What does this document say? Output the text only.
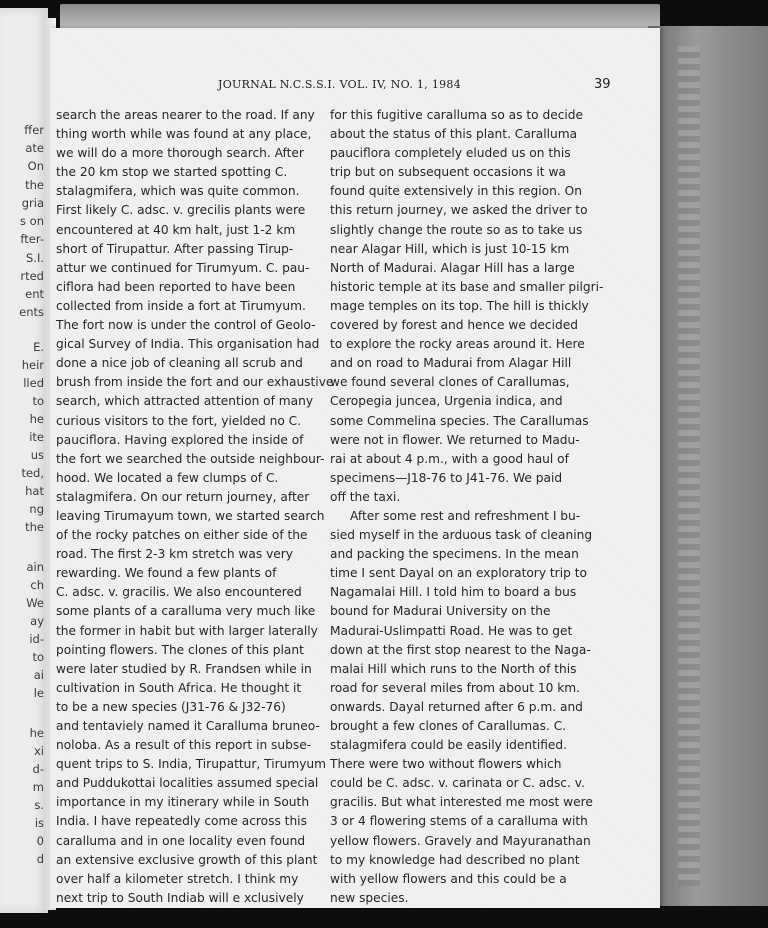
ffer
ate
On
the
gria
s on
fter-
S.I.
rted
ent
ents
E.
heir
lled
to
he
ite
us
ted,
hat
ng
the
ain
ch
We
ay
id-
to
ai
le
he
xi
d-
m
s.
is
0
d
JOURNAL N.C.S.S.I. VOL. IV, NO. 1, 1984	39
search the areas nearer to the road. If any
thing worth while was found at any place,
we will do a more thorough search. After
the 20 km stop we started spotting C.
stalagmifera, which was quite common.
First likely C. adsc. v. grecilis plants were
encountered at 40 km halt, just 1-2 km
short of Tirupattur. After passing Tirup-
attur we continued for Tirumyum. C. pau-
ciflora had been reported to have been
collected from inside a fort at Tirumyum.
The fort now is under the control of Geolo-
gical Survey of India. This organisation had
done a nice job of cleaning all scrub and
brush from inside the fort and our exhaustive
search, which attracted attention of many
curious visitors to the fort, yielded no C.
pauciflora. Having explored the inside of
the fort we searched the outside neighbour-
hood. We located a few clumps of C.
stalagmifera. On our return journey, after
leaving Tirumayum town, we started search
of the rocky patches on either side of the
road. The first 2-3 km stretch was very
rewarding. We found a few plants of
C. adsc. v. gracilis. We also encountered
some plants of a caralluma very much like
the former in habit but with larger laterally
pointing flowers. The clones of this plant
were later studied by R. Frandsen while in
cultivation in South Africa. He thought it
to be a new species (J31-76 & J32-76)
and tentaviely named it Caralluma bruneo-
noloba. As a result of this report in subse-
quent trips to S. India, Tirupattur, Tirumyum
and Puddukottai localities assumed special
importance in my itinerary while in South
India. I have repeatedly come across this
caralluma and in one locality even found
an extensive exclusive growth of this plant
over half a kilometer stretch. I think my
next trip to South Indiab will e xclusively
for this fugitive caralluma so as to decide
about the status of this plant. Caralluma
pauciflora completely eluded us on this
trip but on subsequent occasions it wa
found quite extensively in this region. On
this return journey, we asked the driver to
slightly change the route so as to take us
near Alagar Hill, which is just 10-15 km
North of Madurai. Alagar Hill has a large
historic temple at its base and smaller pilgri-
mage temples on its top. The hill is thickly
covered by forest and hence we decided
to explore the rocky areas around it. Here
and on road to Madurai from Alagar Hill
we found several clones of Carallumas,
Ceropegia juncea, Urgenia indica, and
some Commelina species. The Carallumas
were not in flower. We returned to Madu-
rai at about 4 p.m., with a good haul of
specimens—J18-76 to J41-76. We paid
off the taxi.
After some rest and refreshment I bu-
sied myself in the arduous task of cleaning
and packing the specimens. In the mean
time I sent Dayal on an exploratory trip to
Nagamalai Hill. I told him to board a bus
bound for Madurai University on the
Madurai-Uslimpatti Road. He was to get
down at the first stop nearest to the Naga-
malai Hill which runs to the North of this
road for several miles from about 10 km.
onwards. Dayal returned after 6 p.m. and
brought a few clones of Carallumas. C.
stalagmifera could be easily identified.
There were two without flowers which
could be C. adsc. v. carinata or C. adsc. v.
gracilis. But what interested me most were
3 or 4 flowering stems of a caralluma with
yellow flowers. Gravely and Mayuranathan
to my knowledge had described no plant
with yellow flowers and this could be a
new species.
